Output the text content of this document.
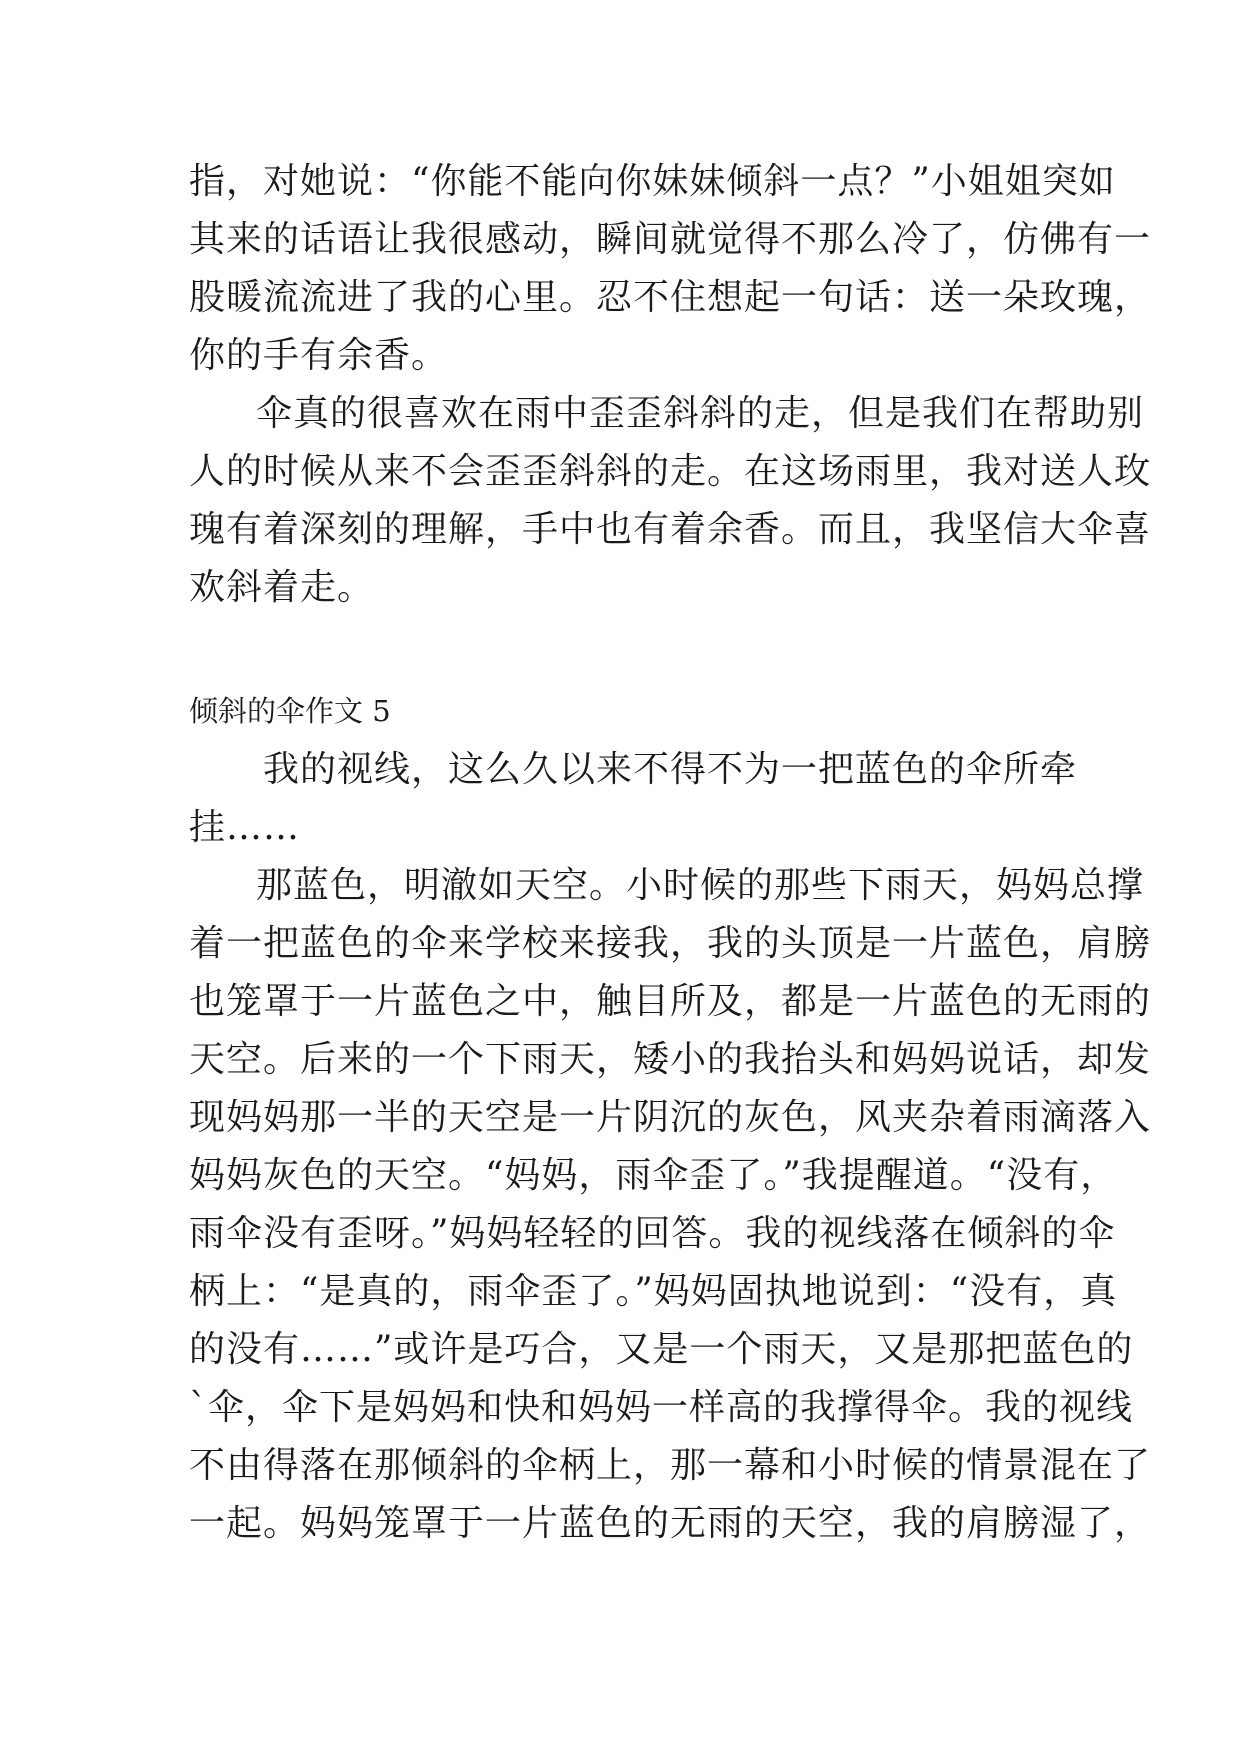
指，对她说：“你能不能向你妹妹倾斜一点？”小姐姐突如
其来的话语让我很感动，瞬间就觉得不那么冷了，仿佛有一
股暖流流进了我的心里。忍不住想起一句话：送一朵玫瑰，
你的手有余香。
伞真的很喜欢在雨中歪歪斜斜的走，但是我们在帮助别
人的时候从来不会歪歪斜斜的走。在这场雨里，我对送人玫
瑰有着深刻的理解，手中也有着余香。而且，我坚信大伞喜
欢斜着走。
倾斜的伞作文 5
我的视线，这么久以来不得不为一把蓝色的伞所牵
挂……
那蓝色，明澈如天空。小时候的那些下雨天，妈妈总撑
着一把蓝色的伞来学校来接我，我的头顶是一片蓝色，肩膀
也笼罩于一片蓝色之中，触目所及，都是一片蓝色的无雨的
天空。后来的一个下雨天，矮小的我抬头和妈妈说话，却发
现妈妈那一半的天空是一片阴沉的灰色，风夹杂着雨滴落入
妈妈灰色的天空。“妈妈，雨伞歪了。”我提醒道。“没有，
雨伞没有歪呀。”妈妈轻轻的回答。我的视线落在倾斜的伞
柄上：“是真的，雨伞歪了。”妈妈固执地说到：“没有，真
的没有……”或许是巧合，又是一个雨天，又是那把蓝色的
`伞，伞下是妈妈和快和妈妈一样高的我撑得伞。我的视线
不由得落在那倾斜的伞柄上，那一幕和小时候的情景混在了
一起。妈妈笼罩于一片蓝色的无雨的天空，我的肩膀湿了，
